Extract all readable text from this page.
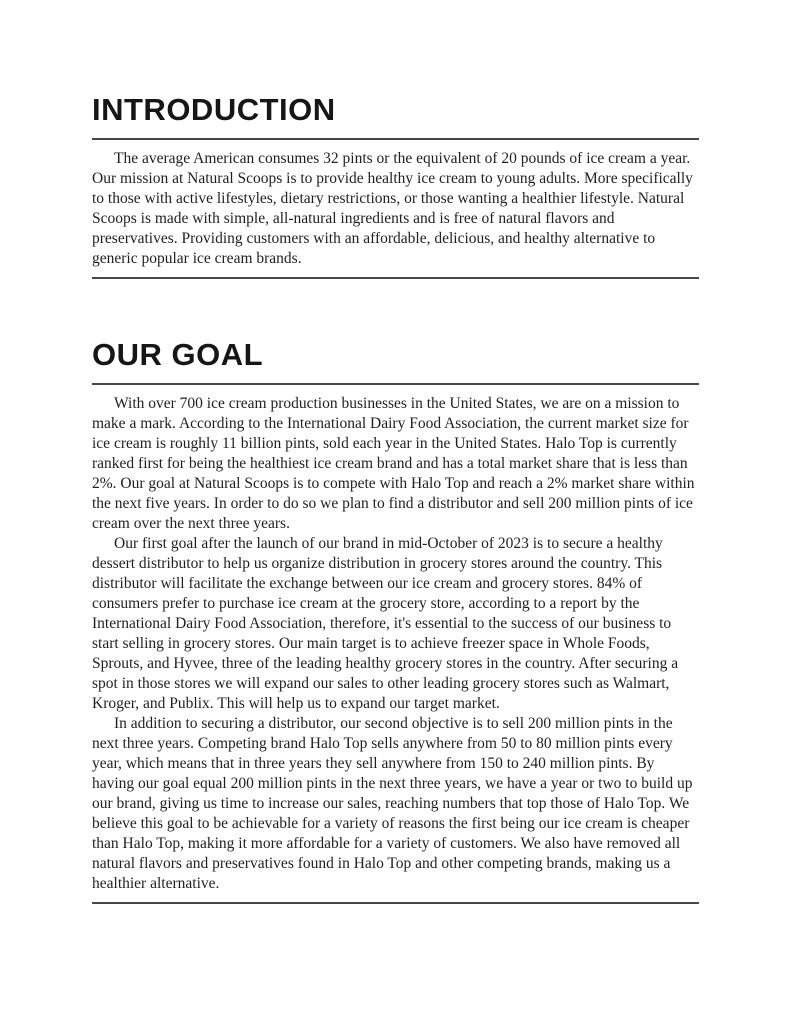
INTRODUCTION

The average American consumes 32 pints or the equivalent of 20 pounds of ice cream a year. Our mission at Natural Scoops is to provide healthy ice cream to young adults. More specifically to those with active lifestyles, dietary restrictions, or those wanting a healthier lifestyle. Natural Scoops is made with simple, all-natural ingredients and is free of natural flavors and preservatives. Providing customers with an affordable, delicious, and healthy alternative to generic popular ice cream brands.

OUR GOAL

With over 700 ice cream production businesses in the United States, we are on a mission to make a mark. According to the International Dairy Food Association, the current market size for ice cream is roughly 11 billion pints, sold each year in the United States. Halo Top is currently ranked first for being the healthiest ice cream brand and has a total market share that is less than 2%. Our goal at Natural Scoops is to compete with Halo Top and reach a 2% market share within the next five years. In order to do so we plan to find a distributor and sell 200 million pints of ice cream over the next three years.

Our first goal after the launch of our brand in mid-October of 2023 is to secure a healthy dessert distributor to help us organize distribution in grocery stores around the country. This distributor will facilitate the exchange between our ice cream and grocery stores. 84% of consumers prefer to purchase ice cream at the grocery store, according to a report by the International Dairy Food Association, therefore, it's essential to the success of our business to start selling in grocery stores. Our main target is to achieve freezer space in Whole Foods, Sprouts, and Hyvee, three of the leading healthy grocery stores in the country. After securing a spot in those stores we will expand our sales to other leading grocery stores such as Walmart, Kroger, and Publix. This will help us to expand our target market.

In addition to securing a distributor, our second objective is to sell 200 million pints in the next three years. Competing brand Halo Top sells anywhere from 50 to 80 million pints every year, which means that in three years they sell anywhere from 150 to 240 million pints. By having our goal equal 200 million pints in the next three years, we have a year or two to build up our brand, giving us time to increase our sales, reaching numbers that top those of Halo Top. We believe this goal to be achievable for a variety of reasons the first being our ice cream is cheaper than Halo Top, making it more affordable for a variety of customers. We also have removed all natural flavors and preservatives found in Halo Top and other competing brands, making us a healthier alternative.
